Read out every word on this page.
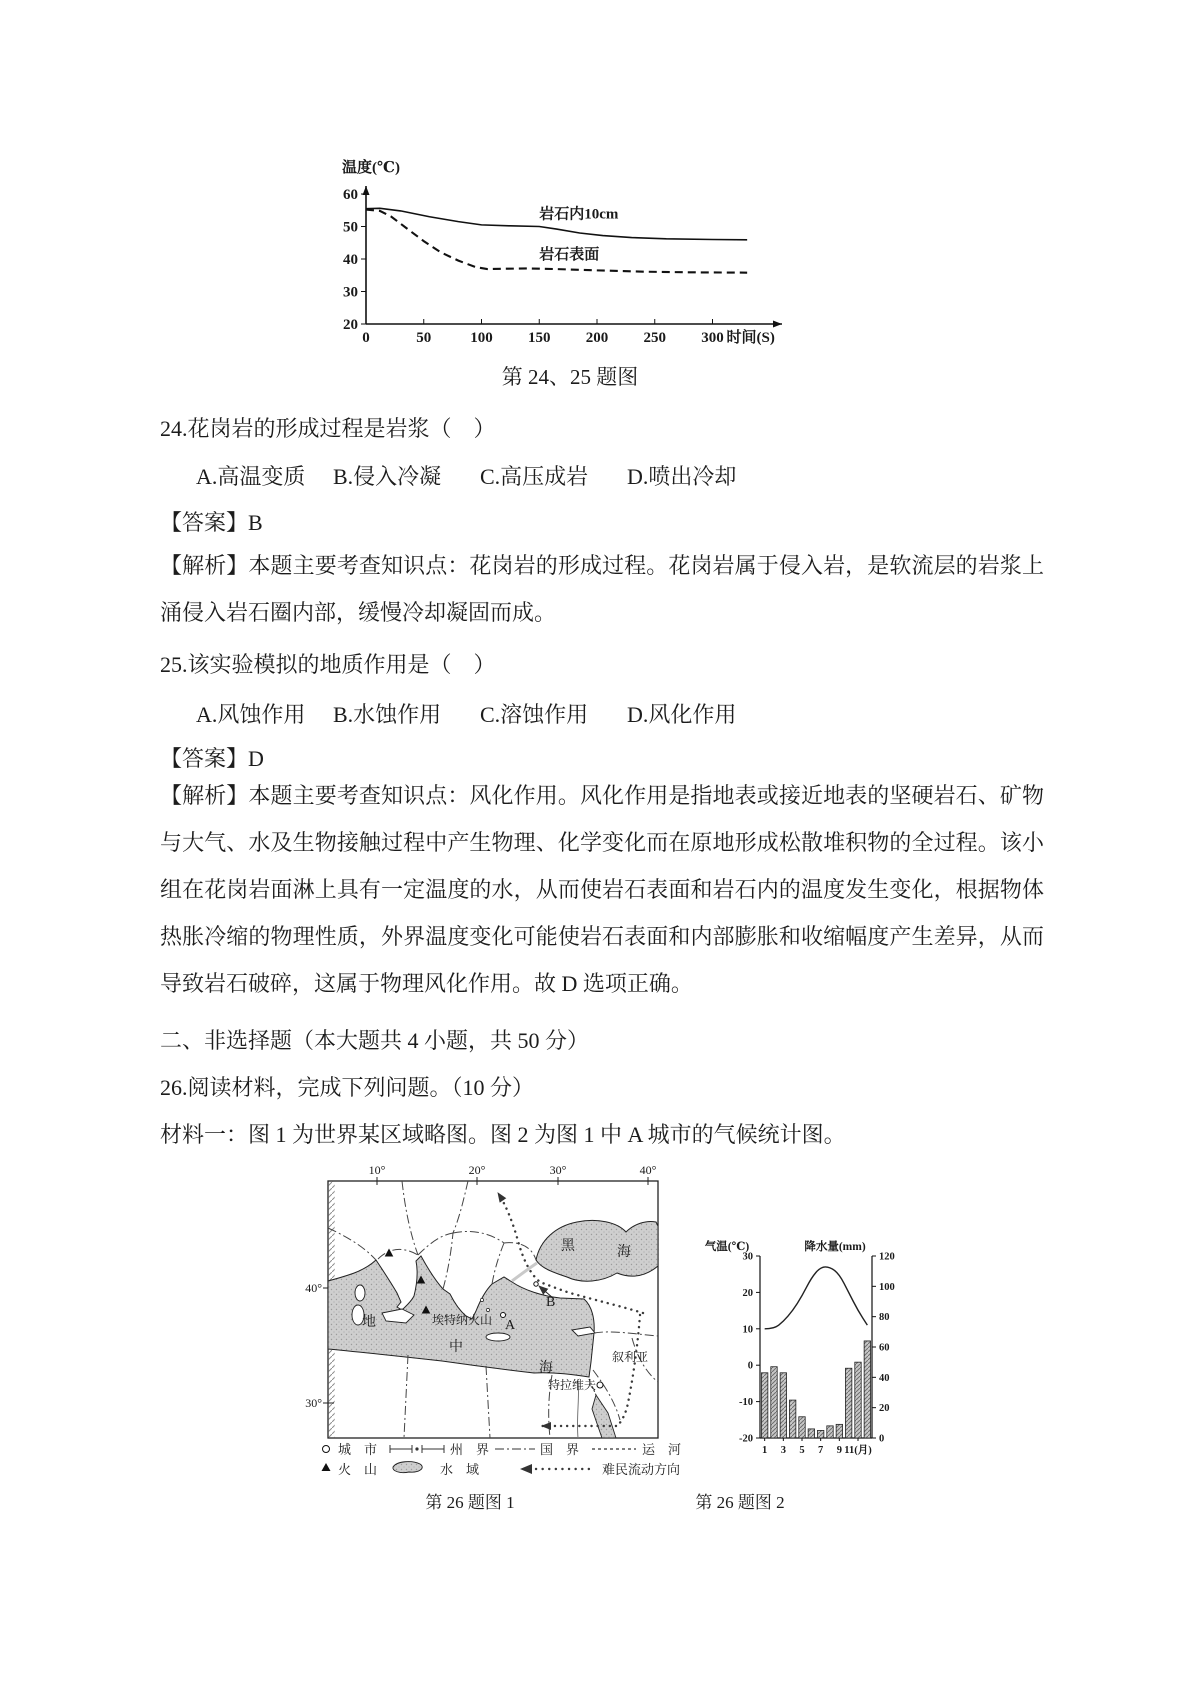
温度(℃)
60
50
40
30
20
0	50	100 150 200 250 300 时间(S)
岩石内10cm
岩石表面
第 24、25 题图
24.花岗岩的形成过程是岩浆（　）
A.高温变质	B.侵入冷凝	C.高压成岩	D.喷出冷却
【答案】B
【解析】本题主要考查知识点：花岗岩的形成过程。花岗岩属于侵入岩，是软流层的岩浆上涌侵入岩石圈内部，缓慢冷却凝固而成。
25.该实验模拟的地质作用是（　）
A.风蚀作用	B.水蚀作用	C.溶蚀作用	D.风化作用
【答案】D
【解析】本题主要考查知识点：风化作用。风化作用是指地表或接近地表的坚硬岩石、矿物与大气、水及生物接触过程中产生物理、化学变化而在原地形成松散堆积物的全过程。该小组在花岗岩面淋上具有一定温度的水，从而使岩石表面和岩石内的温度发生变化，根据物体热胀冷缩的物理性质，外界温度变化可能使岩石表面和内部膨胀和收缩幅度产生差异，从而导致岩石破碎，这属于物理风化作用。故 D 选项正确。
二、非选择题（本大题共 4 小题，共 50 分）
26.阅读材料，完成下列问题。（10 分）
材料一：图 1 为世界某区域略图。图 2 为图 1 中 A 城市的气候统计图。
10°	20°	30°	40°
40°
30°
地
中
海
黑	海
埃特纳火山 A
B
叙利亚
特拉维夫
城　市	州　界	国　界	运　河
火　山	水　域	难民流动方向
气温(℃)	降水量(mm)
30
20
10
0
-10
-20
120
100
80
60
40
20
0
1 3 5 7 9 11(月)
第 26 题图 1	第 26 题图 2
